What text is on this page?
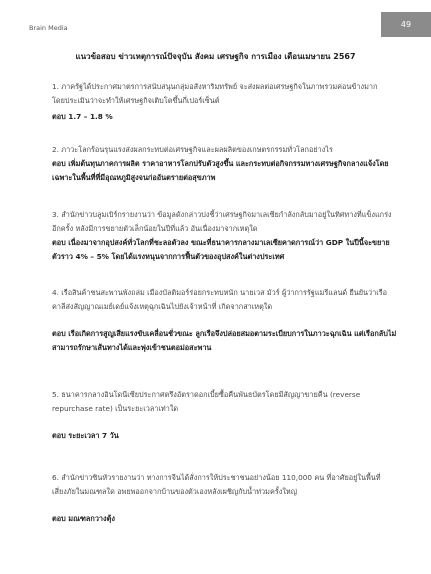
Brain Media	49
แนวข้อสอบ ข่าวเหตุการณ์ปัจจุบัน สังคม เศรษฐกิจ การเมือง เดือนเมษายน 2567
1. ภาครัฐได้ประกาศมาตรการสนับสนุนกลุ่มอสังหาริมทรัพย์ จะส่งผลต่อเศรษฐกิจในภาพรวมค่อนข้างมาก โดยประเมินว่าจะทำให้เศรษฐกิจเติบโตขึ้นกี่เปอร์เซ็นต์
ตอบ 1.7 – 1.8 %
2. ภาวะโลกร้อนรุนแรงส่งผลกระทบต่อเศรษฐกิจและผลผลิตของเกษตรกรรมทั่วโลกอย่างไร
ตอบ เพิ่มต้นทุนภาคการผลิต ราคาอาหารโลกปรับตัวสูงขึ้น และกระทบต่อกิจกรรมทางเศรษฐกิจกลางแจ้งโดยเฉพาะในพื้นที่ที่มีอุณหภูมิสูงจนก่ออันตรายต่อสุขภาพ
3. สำนักข่าวบลูมเบิร์กรายงานว่า ข้อมูลดังกล่าวบ่งชี้ว่าเศรษฐกิจมาเลเซียกำลังกลับมาอยู่ในทิศทางที่แข็งแกร่งอีกครั้ง หลังมีการขยายตัวเล็กน้อยในปีที่แล้ว อันเนื่องมาจากเหตุใด
ตอบ เนื่องมาจากอุปสงค์ทั่วโลกที่ชะลอตัวลง ขณะที่ธนาคารกลางมาเลเซียคาดการณ์ว่า GDP ในปีนี้จะขยายตัวราว 4% – 5% โดยได้แรงหนุนจากการฟื้นตัวของอุปสงค์ในต่างประเทศ
4. เรือสินค้าชนสะพานพังถล่ม เมืองบัลติมอร์ร่อยกระทบหนัก นายเวส มัวร์ ผู้ว่าการรัฐแมรีแลนด์ ยืนยันว่าเรือคาลีส่งสัญญาณเมย์เดย์แจ้งเหตุฉุกเฉินไปยังเจ้าหน้าที่ เกิดจากสาเหตุใด
ตอบ เรือเกิดการสูญเสียแรงขับเคลื่อนชั่วขณะ ลูกเรือจึงปล่อยสมอตามระเบียบการในภาวะฉุกเฉิน แต่เรือกลับไม่สามารถรักษาเส้นทางได้และพุ่งเข้าชนตอม่อสะพาน
5. ธนาคารกลางอินโดนีเซียประกาศตรึงอัตราดอกเบี้ยซื้อคืนพันธบัตรโดยมีสัญญาขายคืน (reverse repurchase rate) เป็นระยะเวลาเท่าใด
ตอบ ระยะเวลา 7 วัน
6. สำนักข่าวซินหัวรายงานว่า ทางการจีนได้สั่งการให้ประชาชนอย่างน้อย 110,000 คน ที่อาศัยอยู่ในพื้นที่เสี่ยงภัยในมณฑลใด อพยพออกจากบ้านของตัวเองหลังเผชิญกับน้ำท่วมครั้งใหญ่
ตอบ มณฑลกวางตุ้ง
